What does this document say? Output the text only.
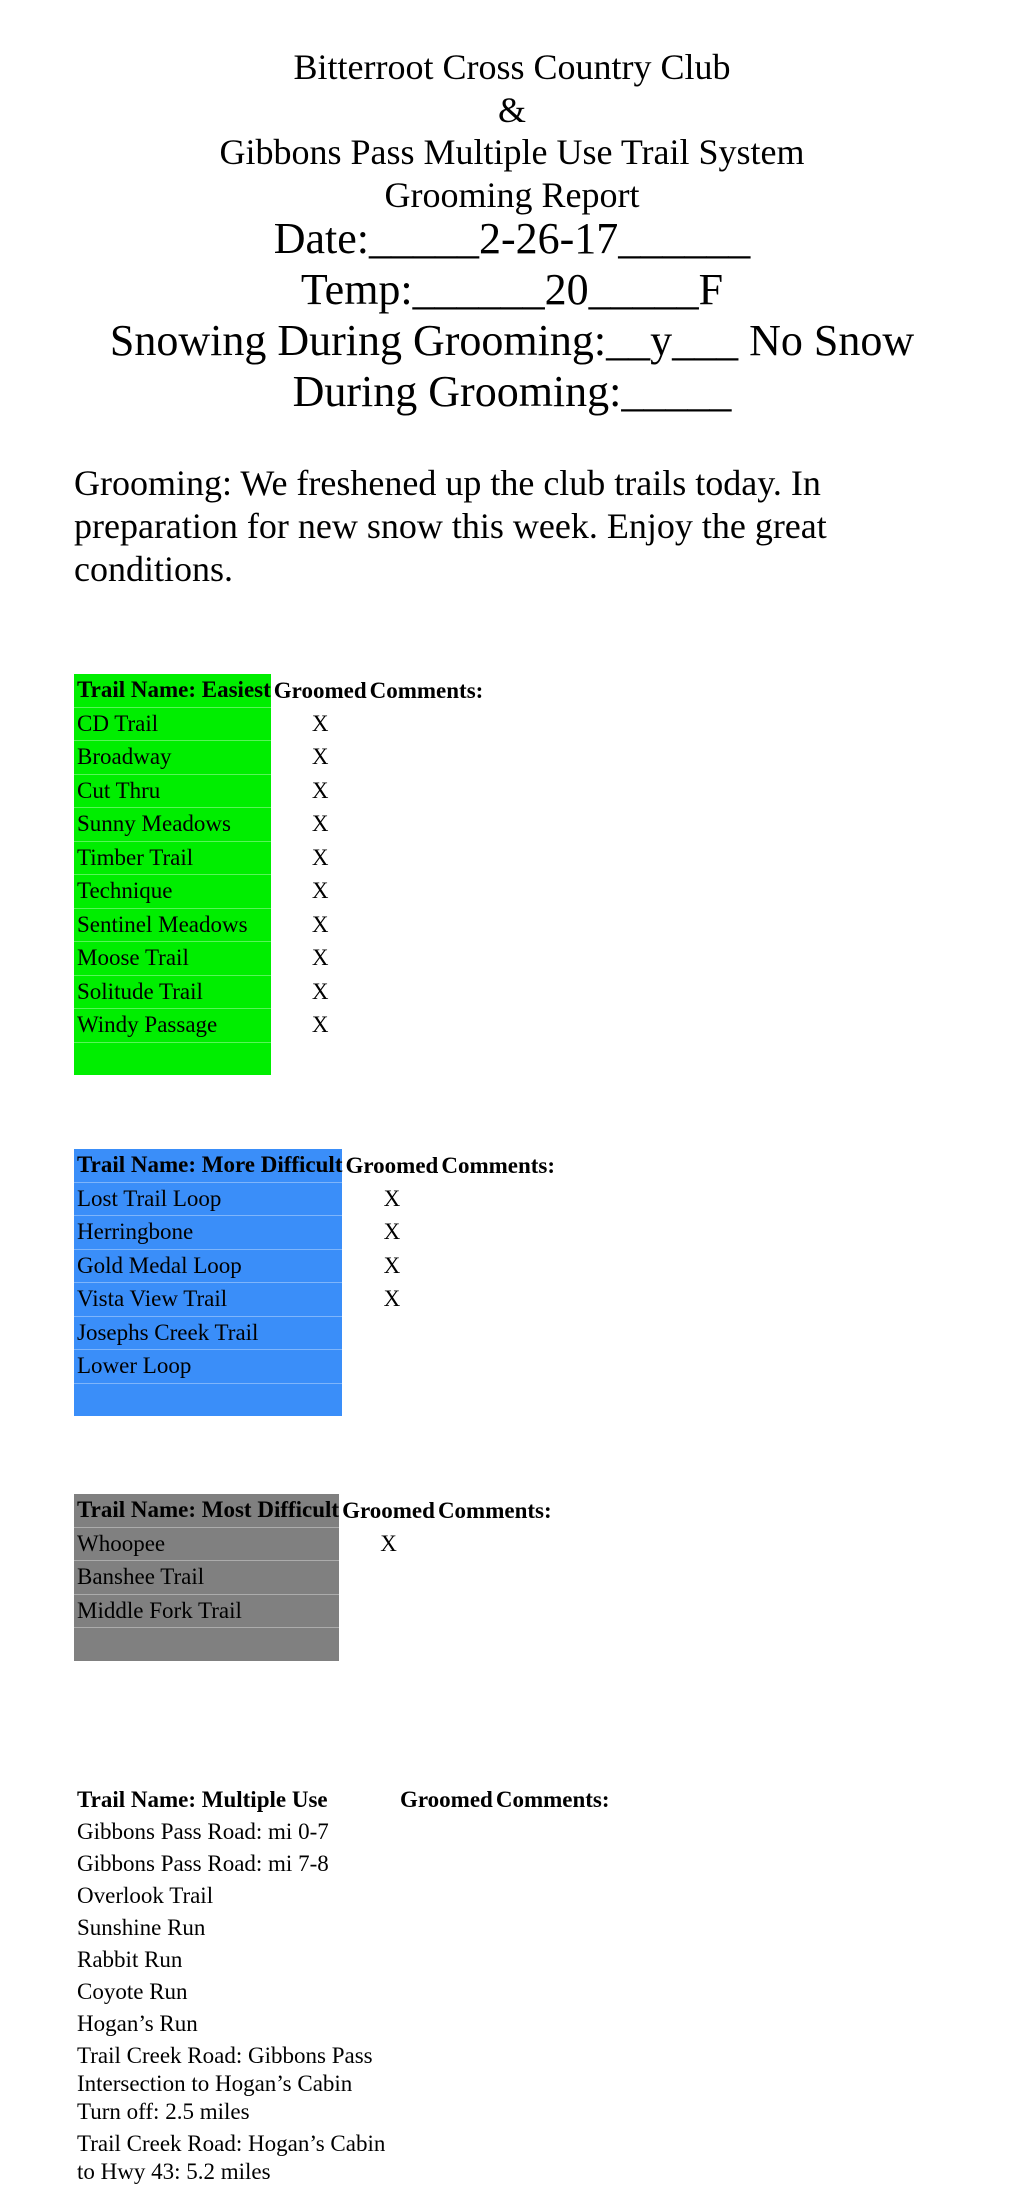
Bitterroot Cross Country Club
&
Gibbons Pass Multiple Use Trail System
Grooming Report
Date:_____2-26-17______
Temp:______20_____F
Snowing During Grooming:__y___ No Snow
During Grooming:_____
Grooming: We freshened up the club trails today. In preparation for new snow this week. Enjoy the great conditions.
Trail Name: Easiest	Groomed	Comments:
CD Trail	X	
Broadway	X	
Cut Thru	X	
Sunny Meadows	X	
Timber Trail	X	
Technique	X	
Sentinel Meadows	X	
Moose Trail	X	
Solitude Trail	X	
Windy Passage	X	

Trail Name: More Difficult	Groomed	Comments:
Lost Trail Loop	X	
Herringbone	X	
Gold Medal Loop	X	
Vista View Trail	X	
Josephs Creek Trail		
Lower Loop		

Trail Name: Most Difficult	Groomed	Comments:
Whoopee	X	
Banshee Trail		
Middle Fork Trail		

Trail Name: Multiple Use	Groomed	Comments:
Gibbons Pass Road: mi 0-7		
Gibbons Pass Road: mi 7-8		
Overlook Trail		
Sunshine Run		
Rabbit Run		
Coyote Run		
Hogan’s Run		
Trail Creek Road: Gibbons Pass Intersection to Hogan’s Cabin Turn off: 2.5 miles		
Trail Creek Road: Hogan’s Cabin to Hwy 43: 5.2 miles		
